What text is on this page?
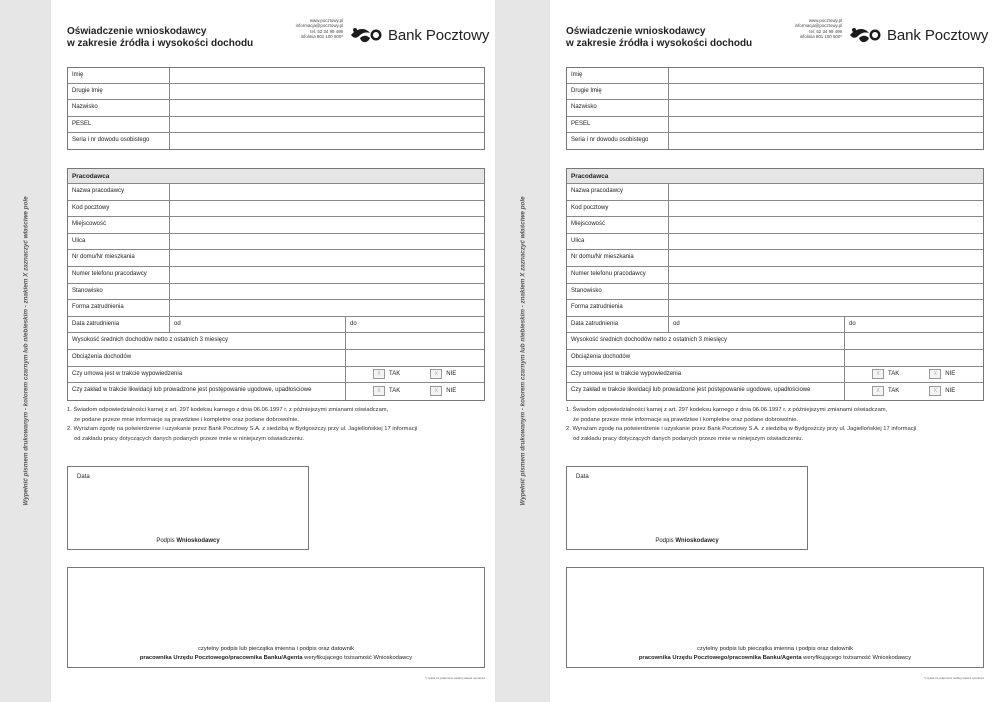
Wypełnić pismem drukowanym - kolorem czarnym lub niebieskim - znakiem X zaznaczyć właściwe pole	Wypełnić pismem drukowanym - kolorem czarnym lub niebieskim - znakiem X zaznaczyć właściwe pole
Oświadczenie wnioskodawcy
w zakresie źródła i wysokości dochodu
www.pocztowy.pl
informacja@pocztowy.pl
tel. 52 34 99 499
infolinia 801 100 500*	Bank Pocztowy
Imię
Drugie Imię
Nazwisko
PESEL
Seria i nr dowodu osobistego
Pracodawca
Nazwa pracodawcy
Kod pocztowy
Miejscowość
Ulica
Nr domu/Nr mieszkania
Numer telefonu pracodawcy
Stanowisko
Forma zatrudnienia
Data zatrudnienia	od	do
Wysokość średnich dochodów netto z ostatnich 3 miesięcy
Obciążenia dochodów
Czy umowa jest w trakcie wypowiedzenia	X	TAK	X	NIE
Czy zakład w trakcie likwidacji lub prowadzone jest postępowanie ugodowe, upadłościowe	X	TAK	X	NIE
1. Świadom odpowiedzialności karnej z art. 297 kodeksu karnego z dnia 06.06.1997 r. z późniejszymi zmianami oświadczam,
że podane przeze mnie informacje są prawdziwe i kompletne oraz podane dobrowolnie.
2. Wyrażam zgodę na potwierdzenie i uzyskanie przez Bank Pocztowy S.A. z siedzibą w Bydgoszczy przy ul. Jagiellońskiej 17 informacji
od zakładu pracy dotyczących danych podanych przeze mnie w niniejszym oświadczeniu.
Data
Podpis Wnioskodawcy
czytelny podpis lub pieczątka imienna i podpis oraz datownik
pracownika Urzędu Pocztowego/pracownika Banku/Agenta weryfikującego tożsamość Wnioskodawcy
*) opłata za połączenie według stawek operatora
Oświadczenie wnioskodawcy
w zakresie źródła i wysokości dochodu
www.pocztowy.pl
informacja@pocztowy.pl
tel. 52 34 99 499
infolinia 801 100 500*	Bank Pocztowy
Imię
Drugie Imię
Nazwisko
PESEL
Seria i nr dowodu osobistego
Pracodawca
Nazwa pracodawcy
Kod pocztowy
Miejscowość
Ulica
Nr domu/Nr mieszkania
Numer telefonu pracodawcy
Stanowisko
Forma zatrudnienia
Data zatrudnienia	od	do
Wysokość średnich dochodów netto z ostatnich 3 miesięcy
Obciążenia dochodów
Czy umowa jest w trakcie wypowiedzenia	X	TAK	X	NIE
Czy zakład w trakcie likwidacji lub prowadzone jest postępowanie ugodowe, upadłościowe	X	TAK	X	NIE
1. Świadom odpowiedzialności karnej z art. 297 kodeksu karnego z dnia 06.06.1997 r. z późniejszymi zmianami oświadczam,
że podane przeze mnie informacje są prawdziwe i kompletne oraz podane dobrowolnie.
2. Wyrażam zgodę na potwierdzenie i uzyskanie przez Bank Pocztowy S.A. z siedzibą w Bydgoszczy przy ul. Jagiellońskiej 17 informacji
od zakładu pracy dotyczących danych podanych przeze mnie w niniejszym oświadczeniu.
Data
Podpis Wnioskodawcy
czytelny podpis lub pieczątka imienna i podpis oraz datownik
pracownika Urzędu Pocztowego/pracownika Banku/Agenta weryfikującego tożsamość Wnioskodawcy
*) opłata za połączenie według stawek operatora
